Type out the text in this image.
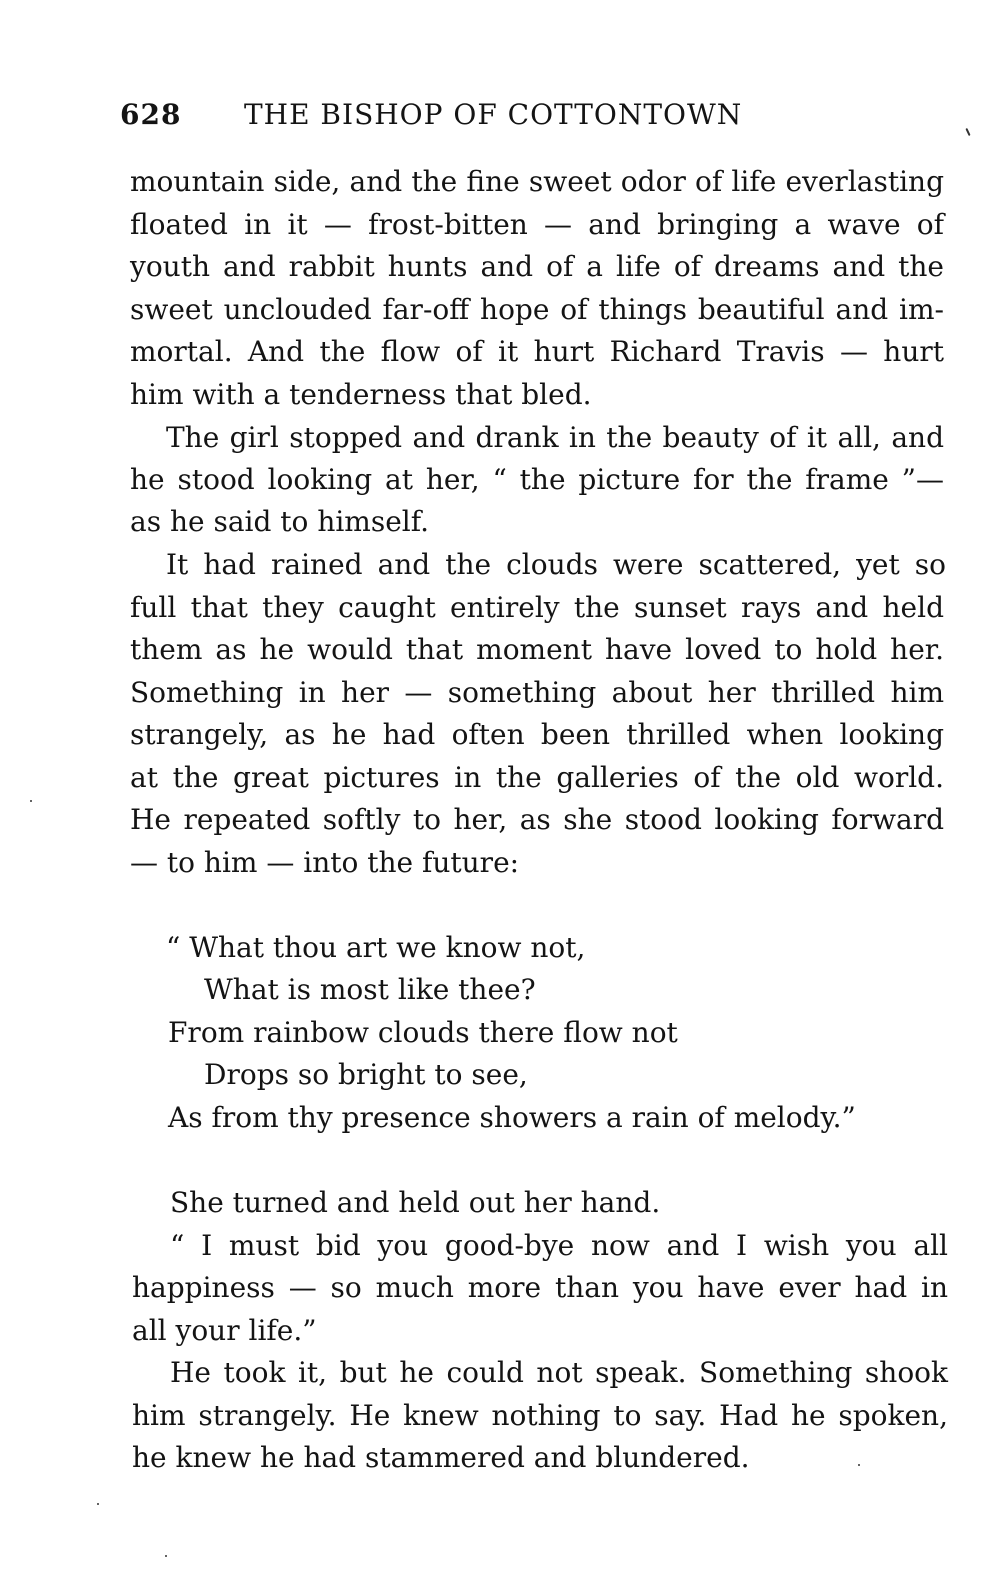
628 THE BISHOP OF COTTONTOWN
mountain side, and the fine sweet odor of life everlasting
floated in it — frost-bitten — and bringing a wave of
youth and rabbit hunts and of a life of dreams and the
sweet unclouded far-off hope of things beautiful and im-
mortal. And the flow of it hurt Richard Travis — hurt
him with a tenderness that bled.
The girl stopped and drank in the beauty of it all, and
he stood looking at her, “ the picture for the frame ”—
as he said to himself.
It had rained and the clouds were scattered, yet so
full that they caught entirely the sunset rays and held
them as he would that moment have loved to hold her.
Something in her — something about her thrilled him
strangely, as he had often been thrilled when looking
at the great pictures in the galleries of the old world.
He repeated softly to her, as she stood looking forward
— to him — into the future:
“ What thou art we know not,
What is most like thee?
From rainbow clouds there flow not
Drops so bright to see,
As from thy presence showers a rain of melody.”
She turned and held out her hand.
“ I must bid you good-bye now and I wish you all
happiness — so much more than you have ever had in
all your life.”
He took it, but he could not speak. Something shook
him strangely. He knew nothing to say. Had he spoken,
he knew he had stammered and blundered.
